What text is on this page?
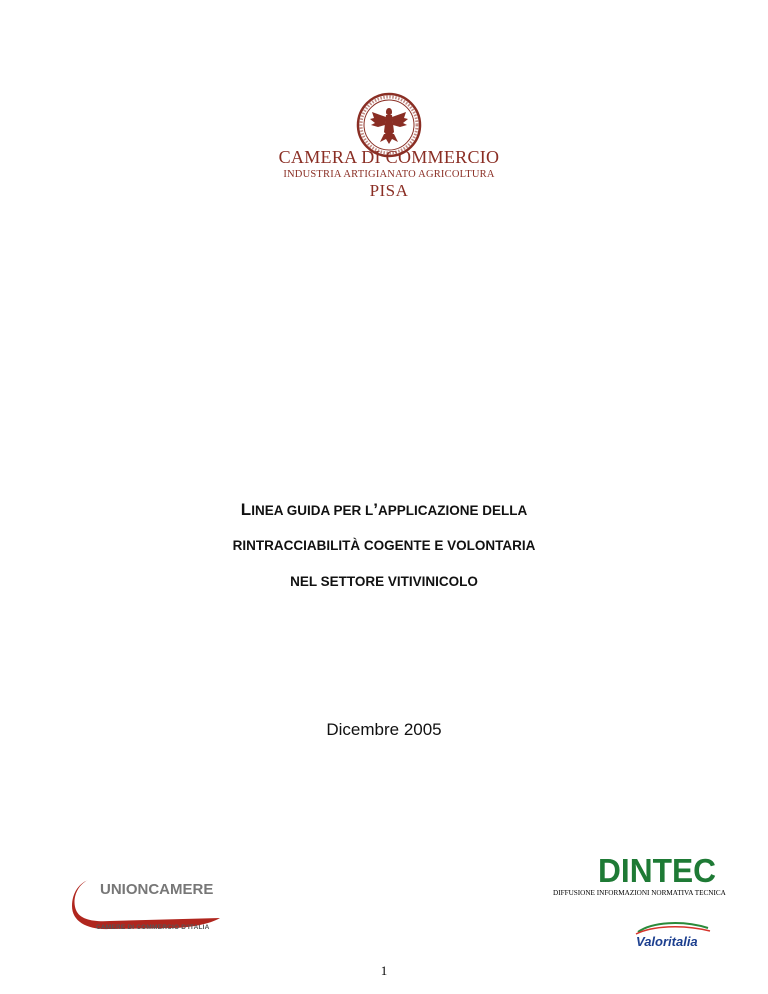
CAMERA DI COMMERCIO
INDUSTRIA ARTIGIANATO AGRICOLTURA
PISA
LINEA GUIDA PER L’APPLICAZIONE DELLA
RINTRACCIABILITÀ COGENTE E VOLONTARIA
NEL SETTORE VITIVINICOLO
Dicembre 2005
UNIONCAMERE
CAMERE DI COMMERCIO D'ITALIA
DINTEC
DIFFUSIONE INFORMAZIONI NORMATIVA TECNICA
Valoritalia
1
